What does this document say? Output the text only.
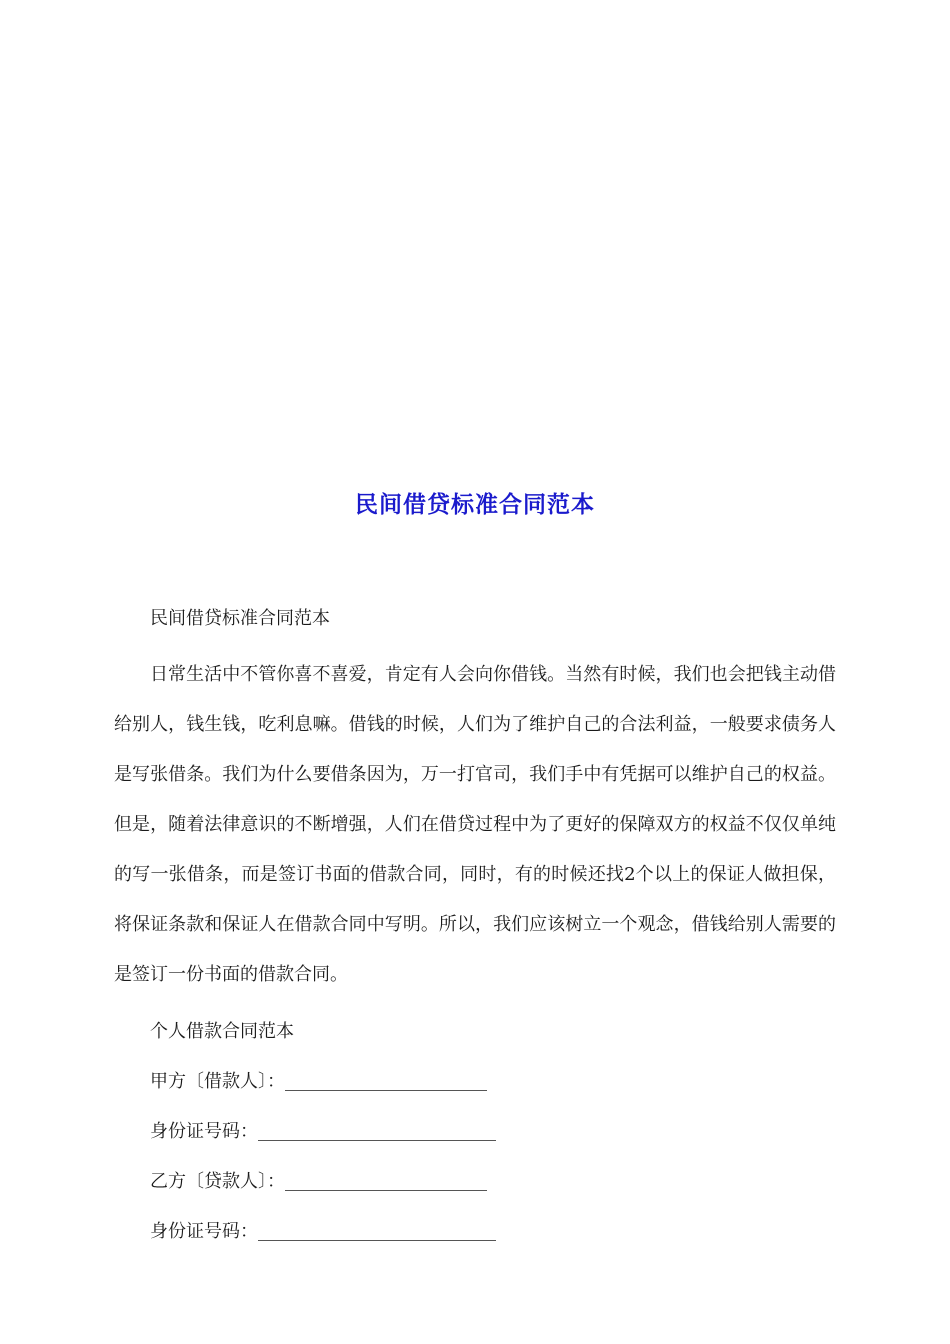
民间借贷标准合同范本

民间借贷标准合同范本

日常生活中不管你喜不喜爱，肯定有人会向你借钱。当然有时候，我们也会把钱主动借给别人，钱生钱，吃利息嘛。借钱的时候，人们为了维护自己的合法利益，一般要求债务人是写张借条。我们为什么要借条因为，万一打官司，我们手中有凭据可以维护自己的权益。但是，随着法律意识的不断增强，人们在借贷过程中为了更好的保障双方的权益不仅仅单纯的写一张借条，而是签订书面的借款合同，同时，有的时候还找2个以上的保证人做担保，将保证条款和保证人在借款合同中写明。所以，我们应该树立一个观念，借钱给别人需要的是签订一份书面的借款合同。

个人借款合同范本

甲方〔借款人〕：
身份证号码：
乙方〔贷款人〕：
身份证号码：
